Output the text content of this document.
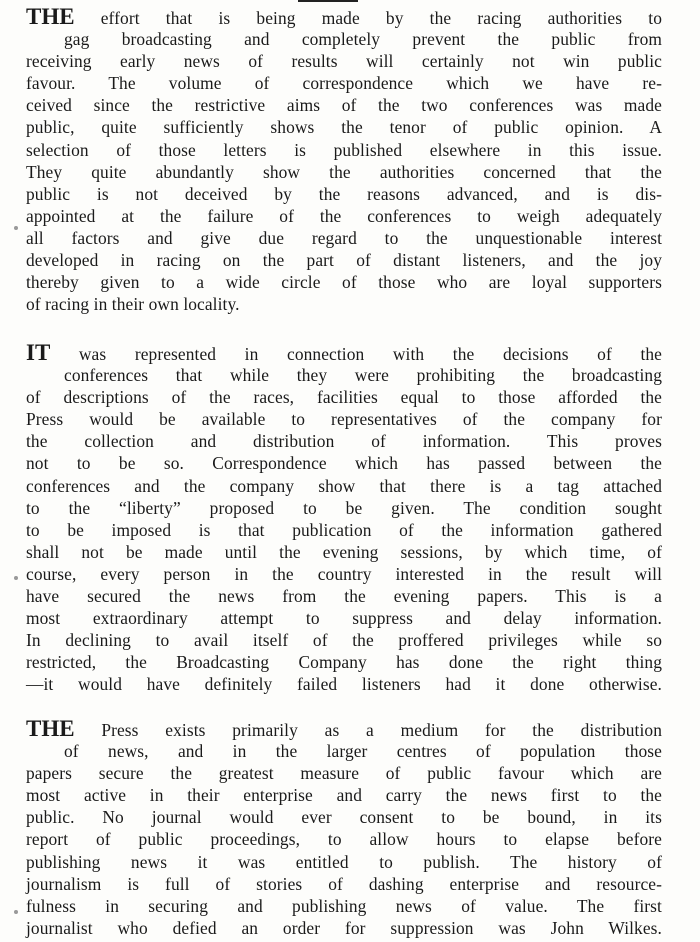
THE effort that is being made by the racing authorities to
gag broadcasting and completely prevent the public from
receiving early news of results will certainly not win public
favour. The volume of correspondence which we have re-
ceived since the restrictive aims of the two conferences was made
public, quite sufficiently shows the tenor of public opinion. A
selection of those letters is published elsewhere in this issue.
They quite abundantly show the authorities concerned that the
public is not deceived by the reasons advanced, and is dis-
appointed at the failure of the conferences to weigh adequately
all factors and give due regard to the unquestionable interest
developed in racing on the part of distant listeners, and the joy
thereby given to a wide circle of those who are loyal supporters
of racing in their own locality.
IT was represented in connection with the decisions of the
conferences that while they were prohibiting the broadcasting
of descriptions of the races, facilities equal to those afforded the
Press would be available to representatives of the company for
the collection and distribution of information. This proves
not to be so. Correspondence which has passed between the
conferences and the company show that there is a tag attached
to the “liberty” proposed to be given. The condition sought
to be imposed is that publication of the information gathered
shall not be made until the evening sessions, by which time, of
course, every person in the country interested in the result will
have secured the news from the evening papers. This is a
most extraordinary attempt to suppress and delay information.
In declining to avail itself of the proffered privileges while so
restricted, the Broadcasting Company has done the right thing
—it would have definitely failed listeners had it done otherwise.
THE Press exists primarily as a medium for the distribution
of news, and in the larger centres of population those
papers secure the greatest measure of public favour which are
most active in their enterprise and carry the news first to the
public. No journal would ever consent to be bound, in its
report of public proceedings, to allow hours to elapse before
publishing news it was entitled to publish. The history of
journalism is full of stories of dashing enterprise and resource-
fulness in securing and publishing news of value. The first
journalist who defied an order for suppression was John Wilkes.
